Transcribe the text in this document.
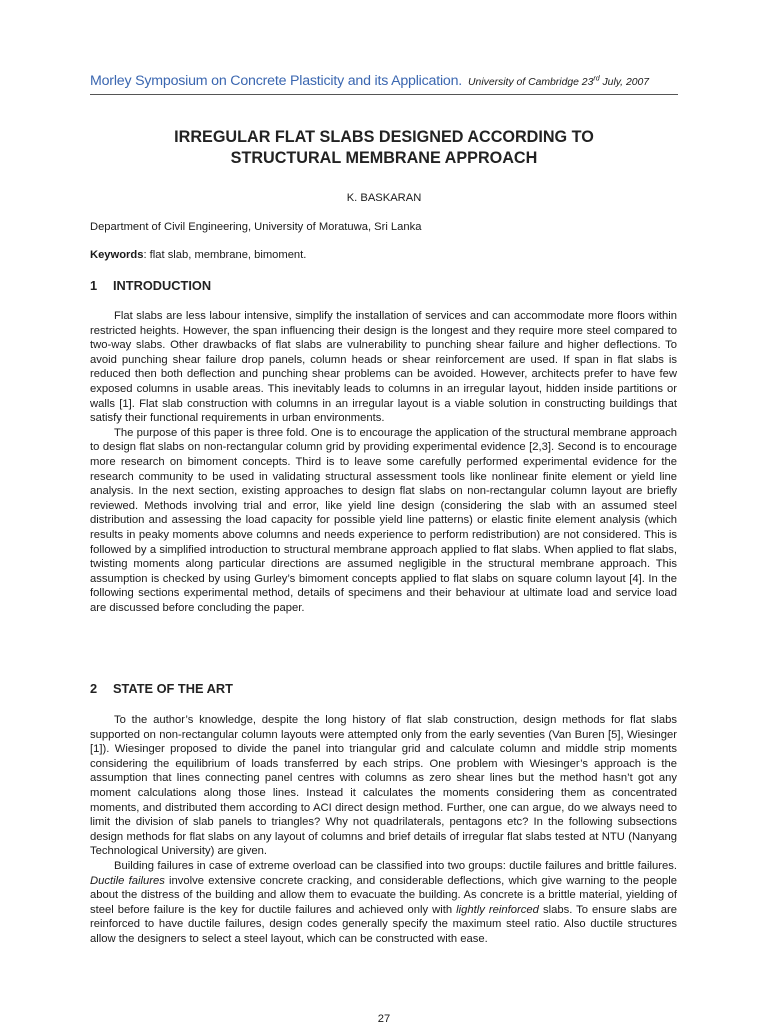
Morley Symposium on Concrete Plasticity and its Application. University of Cambridge 23rd July, 2007
IRREGULAR FLAT SLABS DESIGNED ACCORDING TO
STRUCTURAL MEMBRANE APPROACH
K. BASKARAN
Department of Civil Engineering, University of Moratuwa, Sri Lanka
Keywords: flat slab, membrane, bimoment.
1 INTRODUCTION

Flat slabs are less labour intensive, simplify the installation of services and can accommodate more floors within restricted heights. However, the span influencing their design is the longest and they require more steel compared to two-way slabs. Other drawbacks of flat slabs are vulnerability to punching shear failure and higher deflections. To avoid punching shear failure drop panels, column heads or shear reinforcement are used. If span in flat slabs is reduced then both deflection and punching shear problems can be avoided. However, architects prefer to have few exposed columns in usable areas. This inevitably leads to columns in an irregular layout, hidden inside partitions or walls [1]. Flat slab construction with columns in an irregular layout is a viable solution in constructing buildings that satisfy their functional requirements in urban environments.

The purpose of this paper is three fold. One is to encourage the application of the structural membrane approach to design flat slabs on non-rectangular column grid by providing experimental evidence [2,3]. Second is to encourage more research on bimoment concepts. Third is to leave some carefully performed experimental evidence for the research community to be used in validating structural assessment tools like nonlinear finite element or yield line analysis. In the next section, existing approaches to design flat slabs on non-rectangular column layout are briefly reviewed. Methods involving trial and error, like yield line design (considering the slab with an assumed steel distribution and assessing the load capacity for possible yield line patterns) or elastic finite element analysis (which results in peaky moments above columns and needs experience to perform redistribution) are not considered. This is followed by a simplified introduction to structural membrane approach applied to flat slabs. When applied to flat slabs, twisting moments along particular directions are assumed negligible in the structural membrane approach. This assumption is checked by using Gurley’s bimoment concepts applied to flat slabs on square column layout [4]. In the following sections experimental method, details of specimens and their behaviour at ultimate load and service load are discussed before concluding the paper.

2 STATE OF THE ART

To the author’s knowledge, despite the long history of flat slab construction, design methods for flat slabs supported on non-rectangular column layouts were attempted only from the early seventies (Van Buren [5], Wiesinger [1]). Wiesinger proposed to divide the panel into triangular grid and calculate column and middle strip moments considering the equilibrium of loads transferred by each strips. One problem with Wiesinger’s approach is the assumption that lines connecting panel centres with columns as zero shear lines but the method hasn’t got any moment calculations along those lines. Instead it calculates the moments considering them as concentrated moments, and distributed them according to ACI direct design method. Further, one can argue, do we always need to limit the division of slab panels to triangles? Why not quadrilaterals, pentagons etc? In the following subsections design methods for flat slabs on any layout of columns and brief details of irregular flat slabs tested at NTU (Nanyang Technological University) are given.

Building failures in case of extreme overload can be classified into two groups: ductile failures and brittle failures. Ductile failures involve extensive concrete cracking, and considerable deflections, which give warning to the people about the distress of the building and allow them to evacuate the building. As concrete is a brittle material, yielding of steel before failure is the key for ductile failures and achieved only with lightly reinforced slabs. To ensure slabs are reinforced to have ductile failures, design codes generally specify the maximum steel ratio. Also ductile structures allow the designers to select a steel layout, which can be constructed with ease.

27
